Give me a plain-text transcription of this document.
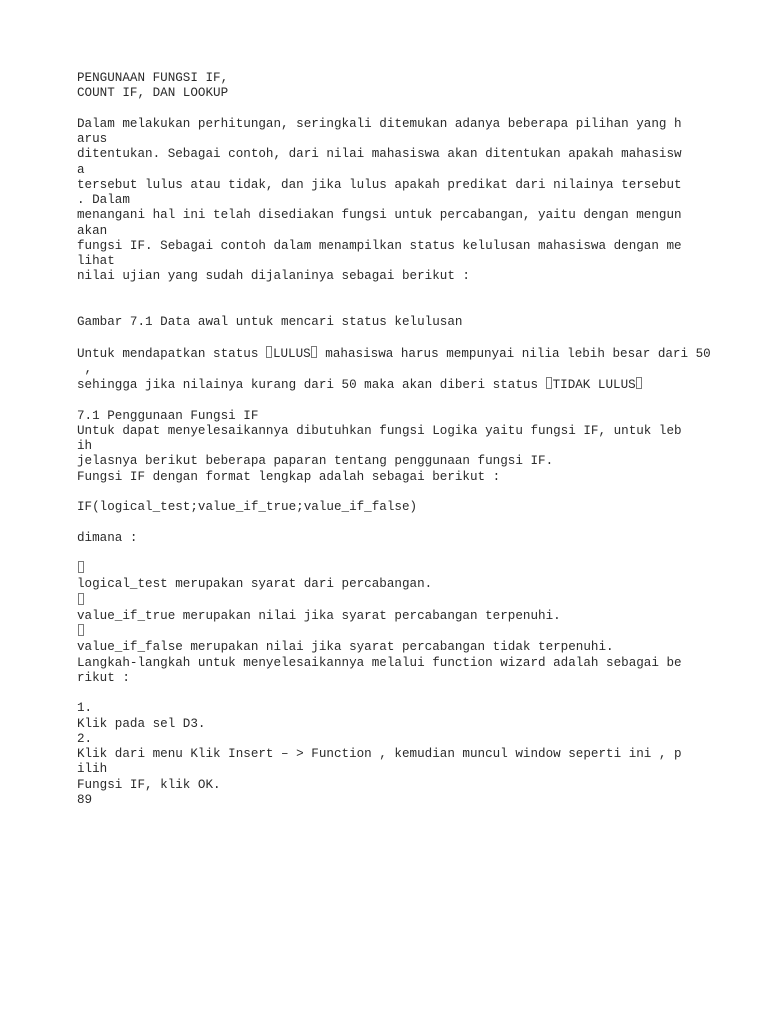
PENGUNAAN FUNGSI IF,
COUNT IF, DAN LOOKUP
Dalam melakukan perhitungan, seringkali ditemukan adanya beberapa pilihan yang h
arus
ditentukan. Sebagai contoh, dari nilai mahasiswa akan ditentukan apakah mahasisw
a
tersebut lulus atau tidak, dan jika lulus apakah predikat dari nilainya tersebut
. Dalam
menangani hal ini telah disediakan fungsi untuk percabangan, yaitu dengan mengun
akan
fungsi IF. Sebagai contoh dalam menampilkan status kelulusan mahasiswa dengan me
lihat
nilai ujian yang sudah dijalaninya sebagai berikut :
Gambar 7.1 Data awal untuk mencari status kelulusan
Untuk mendapatkan status LULUS mahasiswa harus mempunyai nilia lebih besar dari 50
,
sehingga jika nilainya kurang dari 50 maka akan diberi status TIDAK LULUS
7.1 Penggunaan Fungsi IF
Untuk dapat menyelesaikannya dibutuhkan fungsi Logika yaitu fungsi IF, untuk leb
ih
jelasnya berikut beberapa paparan tentang penggunaan fungsi IF.
Fungsi IF dengan format lengkap adalah sebagai berikut :
IF(logical_test;value_if_true;value_if_false)
dimana :
logical_test merupakan syarat dari percabangan.
value_if_true merupakan nilai jika syarat percabangan terpenuhi.
value_if_false merupakan nilai jika syarat percabangan tidak terpenuhi.
Langkah-langkah untuk menyelesaikannya melalui function wizard adalah sebagai be
rikut :
1.
Klik pada sel D3.
2.
Klik dari menu Klik Insert – > Function , kemudian muncul window seperti ini , p
ilih
Fungsi IF, klik OK.
89
